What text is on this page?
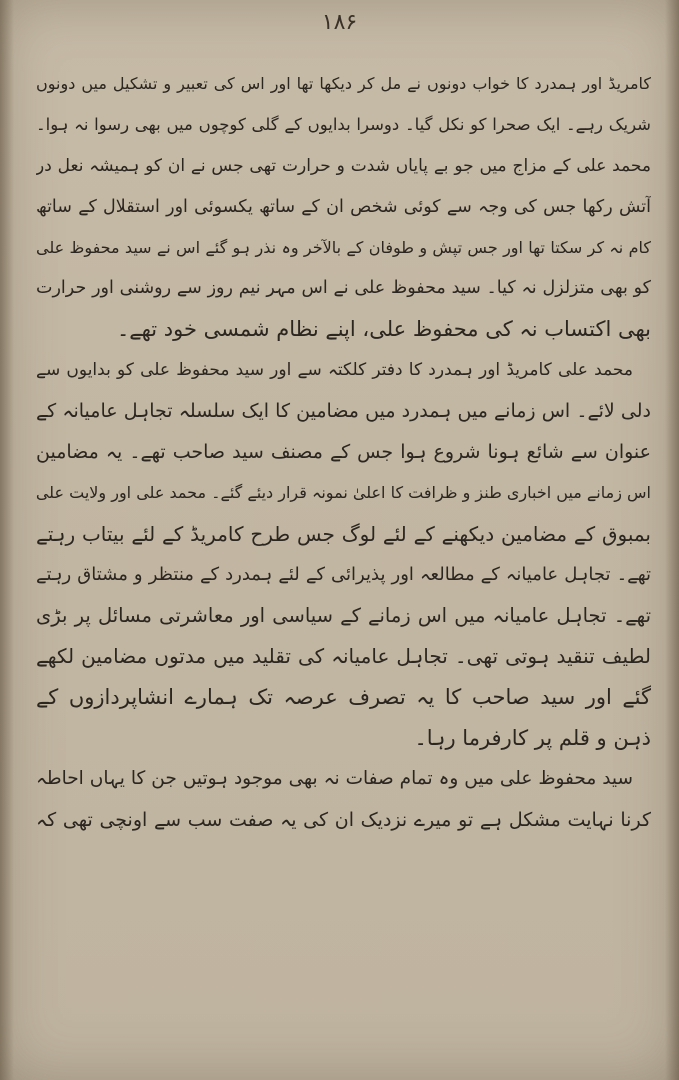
۱۸۶
کامریڈ اور ہمدرد کا خواب دونوں نے مل کر دیکھا تھا اور اس کی تعبیر و تشکیل میں دونوں
شریک رہے۔ ایک صحرا کو نکل گیا۔ دوسرا بدایوں کے گلی کوچوں میں بھی رسوا نہ ہوا۔
محمد علی کے مزاج میں جو بے پایاں شدت و حرارت تھی جس نے ان کو ہمیشہ نعل در
آتش رکھا جس کی وجہ سے کوئی شخص ان کے ساتھ یکسوئی اور استقلال کے ساتھ
کام نہ کر سکتا تھا اور جس تپش و طوفان کے بالآخر وہ نذر ہو گئے اس نے سید محفوظ علی
کو بھی متزلزل نہ کیا۔ سید محفوظ علی نے اس مہر نیم روز سے روشنی اور حرارت
بھی اکتساب نہ کی محفوظ علی، اپنے نظام شمسی خود تھے۔
محمد علی کامریڈ اور ہمدرد کا دفتر کلکتہ سے اور سید محفوظ علی کو بدایوں سے
دلی لائے۔ اس زمانے میں ہمدرد میں مضامین کا ایک سلسلہ تجاہل عامیانہ کے
عنوان سے شائع ہونا شروع ہوا جس کے مصنف سید صاحب تھے۔ یہ مضامین
اس زمانے میں اخباری طنز و ظرافت کا اعلیٰ نمونہ قرار دیئے گئے۔ محمد علی اور ولایت علی
بمبوق کے مضامین دیکھنے کے لئے لوگ جس طرح کامریڈ کے لئے بیتاب رہتے
تھے۔ تجاہل عامیانہ کے مطالعہ اور پذیرائی کے لئے ہمدرد کے منتظر و مشتاق رہتے
تھے۔ تجاہل عامیانہ میں اس زمانے کے سیاسی اور معاشرتی مسائل پر بڑی
لطیف تنقید ہوتی تھی۔ تجاہل عامیانہ کی تقلید میں مدتوں مضامین لکھے
گئے اور سید صاحب کا یہ تصرف عرصہ تک ہمارے انشاپردازوں کے
ذہن و قلم پر کارفرما رہا۔
سید محفوظ علی میں وہ تمام صفات نہ بھی موجود ہوتیں جن کا یہاں احاطہ
کرنا نہایت مشکل ہے تو میرے نزدیک ان کی یہ صفت سب سے اونچی تھی کہ
